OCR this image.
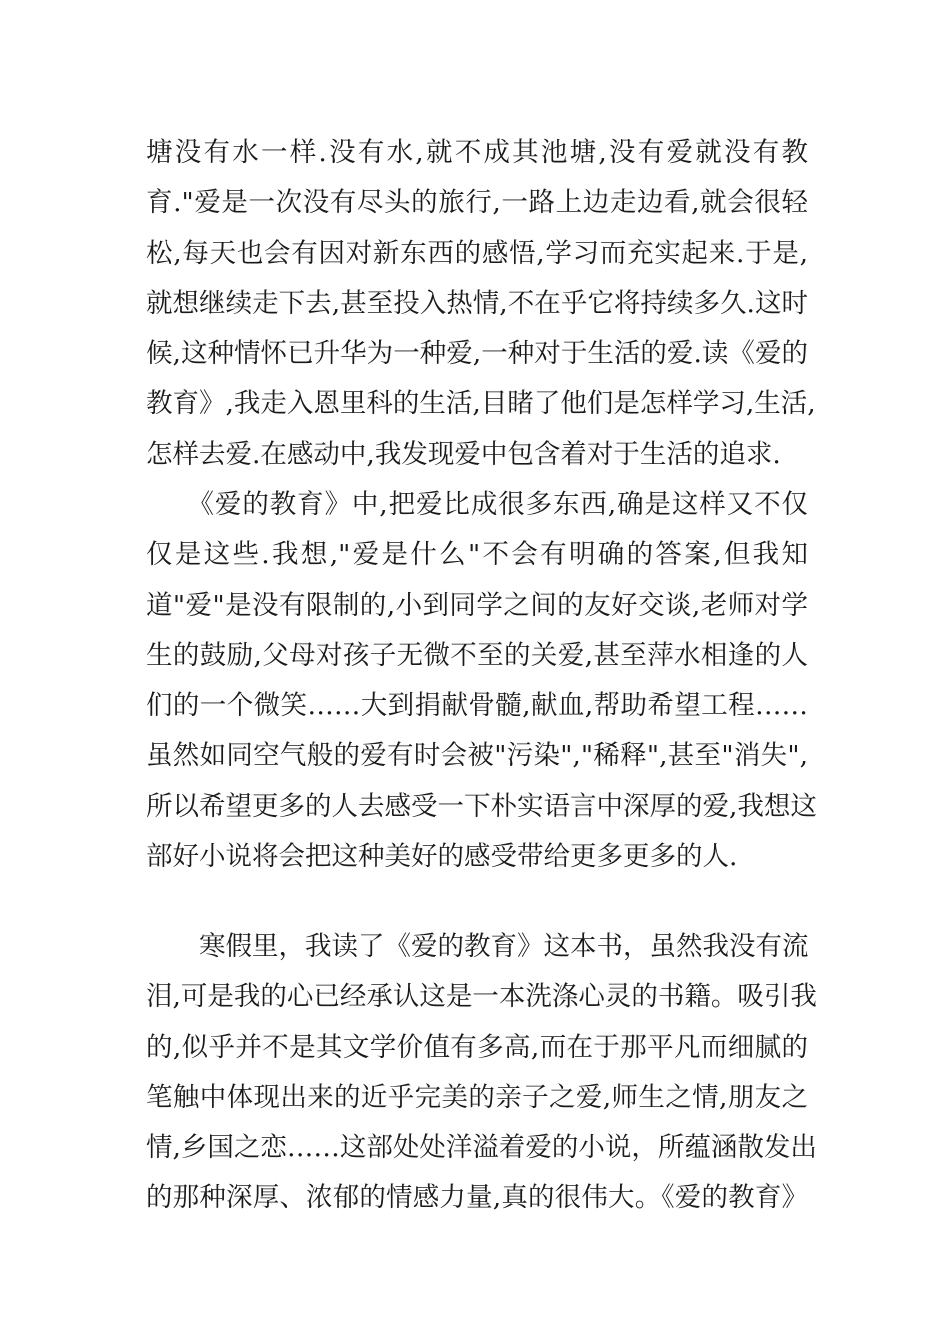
塘没有水一样.没有水,就不成其池塘,没有爱就没有教
育."爱是一次没有尽头的旅行,一路上边走边看,就会很轻
松,每天也会有因对新东西的感悟,学习而充实起来.于是,
就想继续走下去,甚至投入热情,不在乎它将持续多久.这时
候,这种情怀已升华为一种爱,一种对于生活的爱.读《爱的
教育》,我走入恩里科的生活,目睹了他们是怎样学习,生活,
怎样去爱.在感动中,我发现爱中包含着对于生活的追求.
　　《爱的教育》中,把爱比成很多东西,确是这样又不仅
仅是这些.我想,"爱是什么"不会有明确的答案,但我知
道"爱"是没有限制的,小到同学之间的友好交谈,老师对学
生的鼓励,父母对孩子无微不至的关爱,甚至萍水相逢的人
们的一个微笑……大到捐献骨髓,献血,帮助希望工程……
虽然如同空气般的爱有时会被"污染","稀释",甚至"消失",
所以希望更多的人去感受一下朴实语言中深厚的爱,我想这
部好小说将会把这种美好的感受带给更多更多的人.
　　寒假里，我读了《爱的教育》这本书，虽然我没有流
泪,可是我的心已经承认这是一本洗涤心灵的书籍。吸引我
的,似乎并不是其文学价值有多高,而在于那平凡而细腻的
笔触中体现出来的近乎完美的亲子之爱,师生之情,朋友之
情,乡国之恋……这部处处洋溢着爱的小说，所蕴涵散发出
的那种深厚、浓郁的情感力量,真的很伟大。《爱的教育》
